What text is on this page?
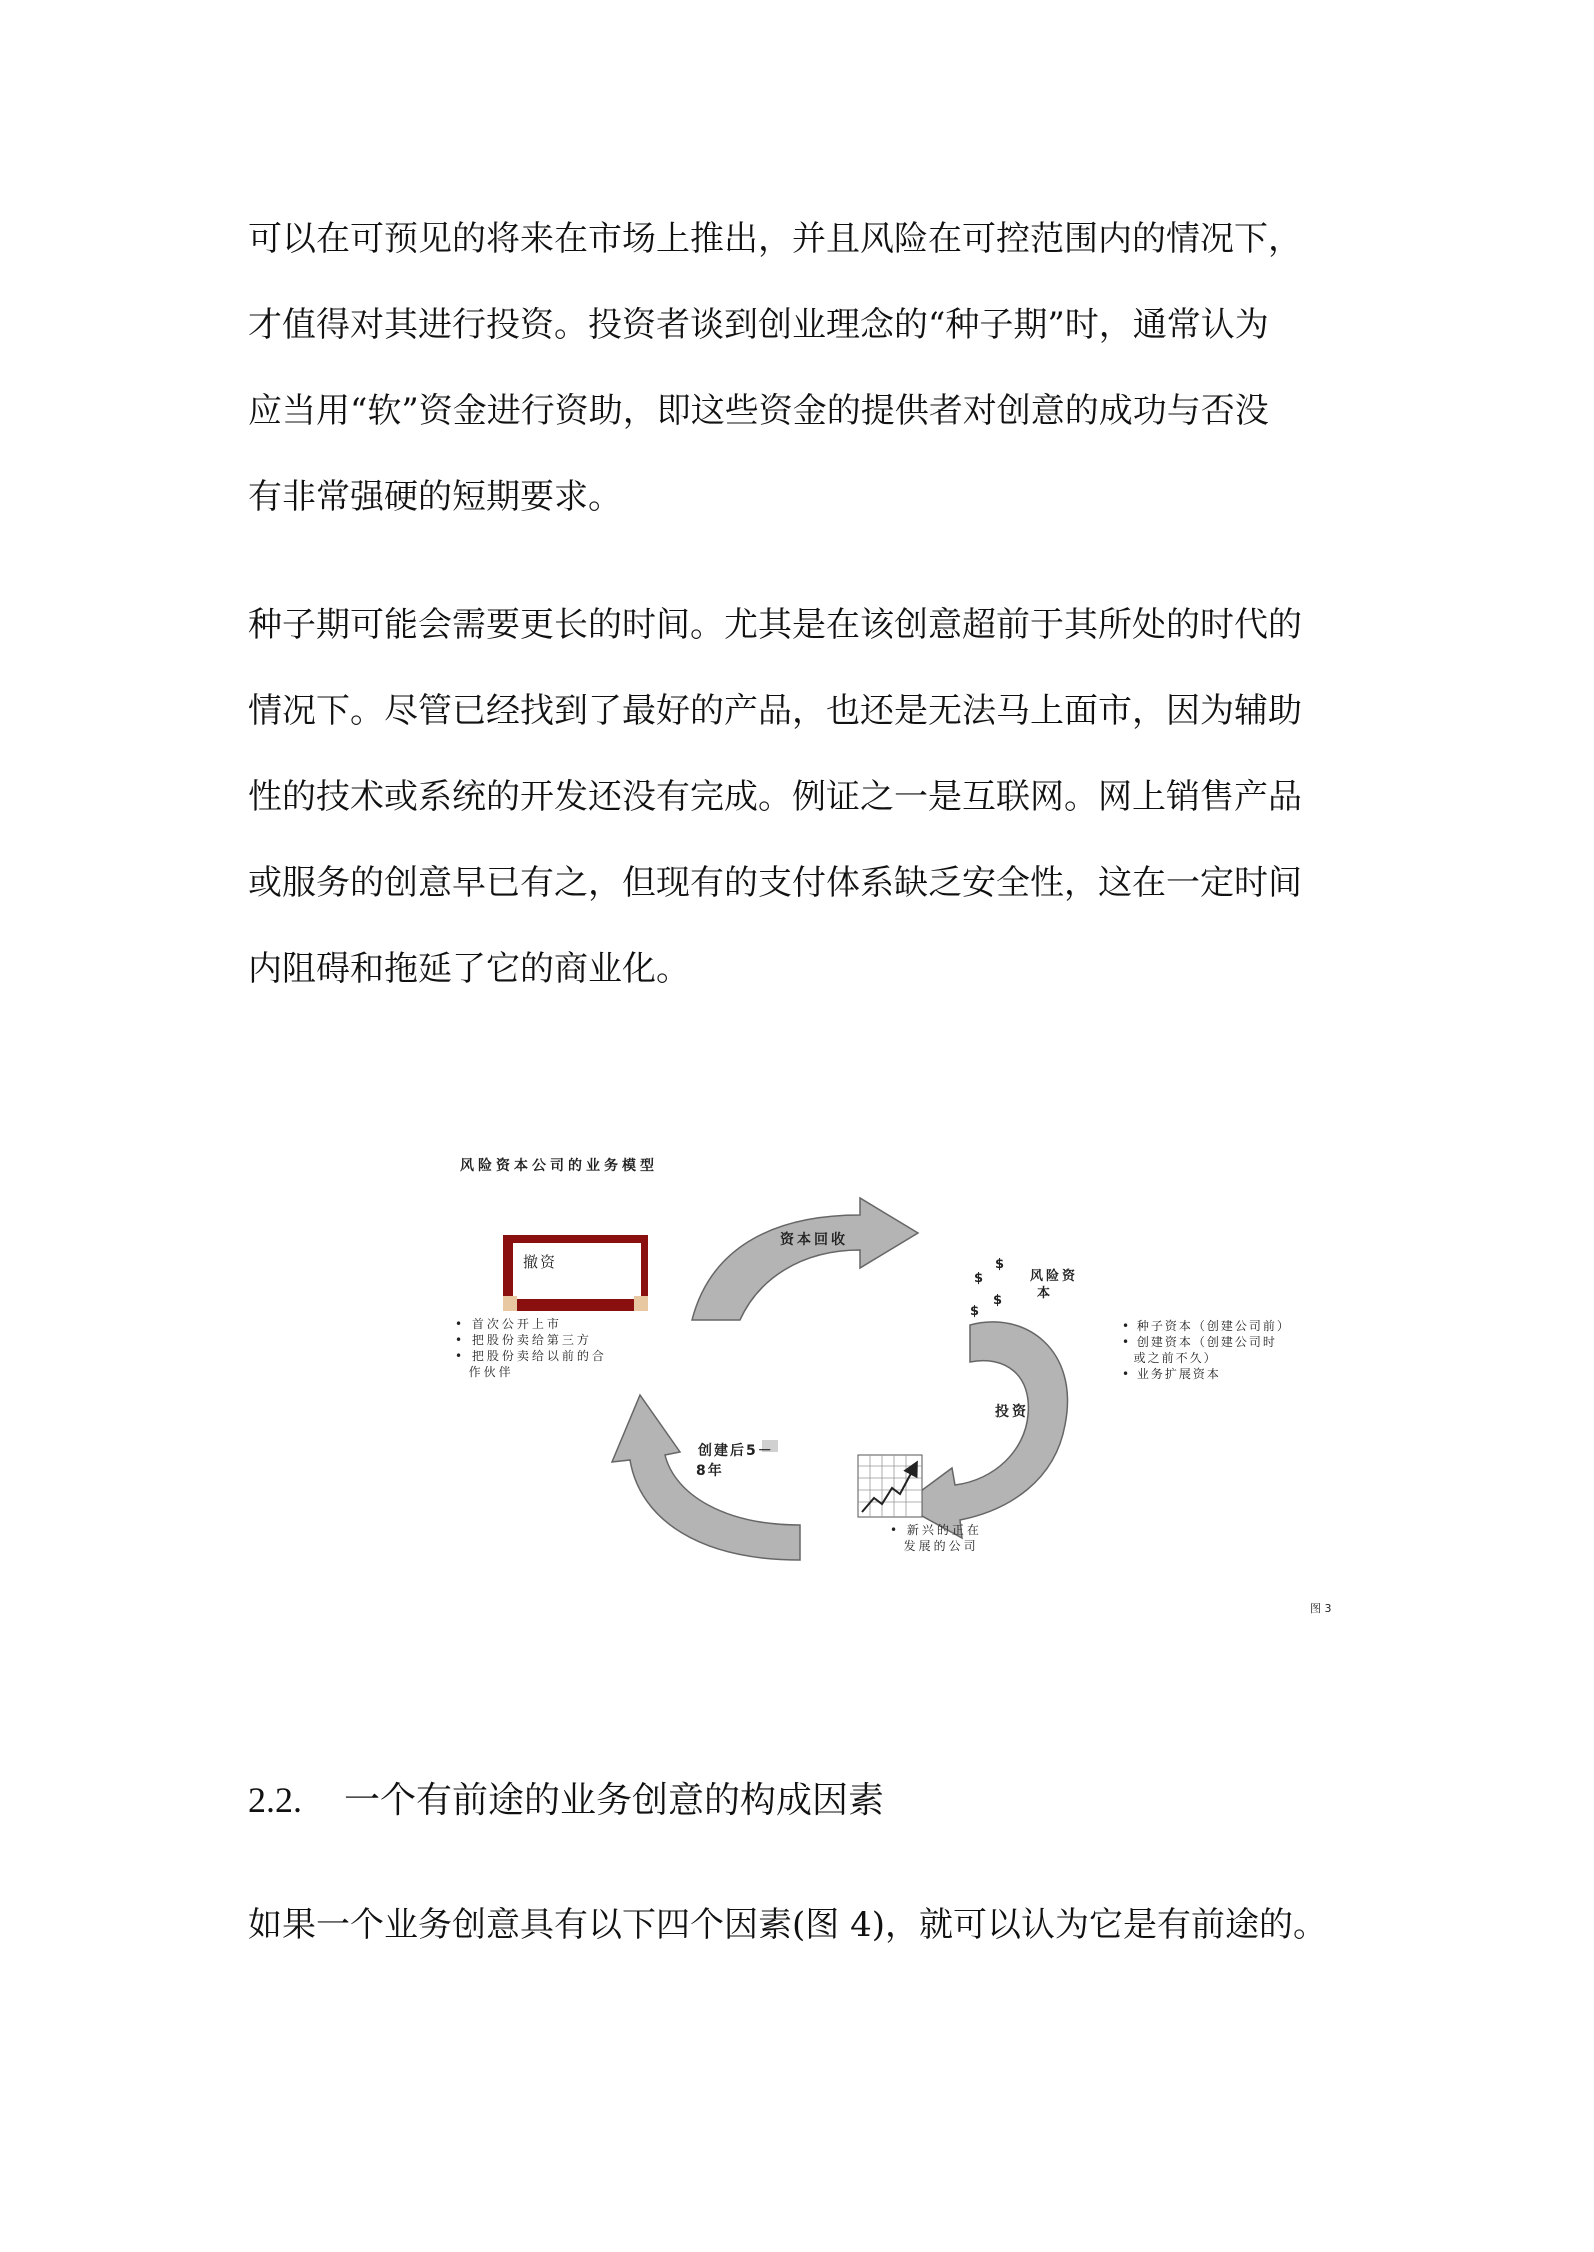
可以在可预见的将来在市场上推出，并且风险在可控范围内的情况下，
才值得对其进行投资。投资者谈到创业理念的“种子期”时，通常认为
应当用“软”资金进行资助，即这些资金的提供者对创意的成功与否没
有非常强硬的短期要求。
种子期可能会需要更长的时间。尤其是在该创意超前于其所处的时代的
情况下。尽管已经找到了最好的产品，也还是无法马上面市，因为辅助
性的技术或系统的开发还没有完成。例证之一是互联网。网上销售产品
或服务的创意早已有之，但现有的支付体系缺乏安全性，这在一定时间
内阻碍和拖延了它的商业化。
风险资本公司的业务模型
资本回收
投资
创建后5－
8年
撤资
$
$
$
$
风险资
本
• 首次公开上市
• 把股份卖给第三方
• 把股份卖给以前的合
作伙伴
• 种子资本（创建公司前）
• 创建资本（创建公司时
或之前不久）
• 业务扩展资本
• 新兴的正在
发展的公司
图 3
2.2. 一个有前途的业务创意的构成因素
如果一个业务创意具有以下四个因素(图 4)，就可以认为它是有前途的。
